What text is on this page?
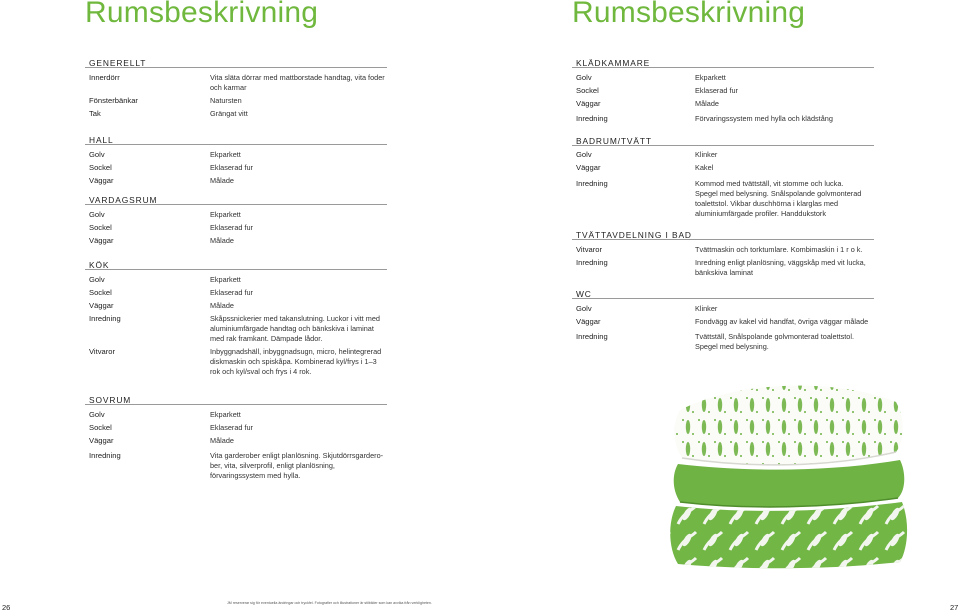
Rumsbeskrivning
GENERELLT
Innerdörr	Vita släta dörrar med mattborstade handtag, vita foder och karmar
Fönsterbänkar	Natursten
Tak	Grängat vitt
HALL
Golv	Ekparkett
Sockel	Eklaserad fur
Väggar	Målade
VARDAGSRUM
Golv	Ekparkett
Sockel	Eklaserad fur
Väggar	Målade
KÖK
Golv	Ekparkett
Sockel	Eklaserad fur
Väggar	Målade
Inredning	Skåpssnickerier med takanslutning. Luckor i vitt med aluminiumfärgade handtag och bänkskiva i laminat med rak framkant. Dämpade lådor.
Vitvaror	Inbyggnadshäll, inbyggnadsugn, micro, helintegrerad diskmaskin och spiskåpa. Kombinerad kyl/frys i 1–3 rok och kyl/sval och frys i 4 rok.
SOVRUM
Golv	Ekparkett
Sockel	Eklaserad fur
Väggar	Målade
Inredning	Vita garderober enligt planlösning. Skjutdörrsgardero-ber, vita, silverprofil, enligt planlösning, förvaringssystem med hylla.
26
Rumsbeskrivning
KLÄDKAMMARE
Golv	Ekparkett
Sockel	Eklaserad fur
Väggar	Målade
Inredning	Förvaringssystem med hylla och klädstång
BADRUM/TVÄTT
Golv	Klinker
Väggar	Kakel
Inredning	Kommod med tvättställ, vit stomme och lucka. Spegel med belysning. Snålspolande golvmonterad toalettstol. Vikbar duschhörna i klarglas med aluminiumfärgade profiler. Handdukstork
TVÄTTAVDELNING I BAD
Vitvaror	Tvättmaskin och torktumlare. Kombimaskin i 1 r o k.
Inredning	Inredning enligt planlösning, väggskåp med vit lucka, bänkskiva laminat
WC
Golv	Klinker
Väggar	Fondvägg av kakel vid handfat, övriga väggar målade
Inredning	Tvättställ, Snålspolande golvmonterad toalettstol. Spegel med belysning.
JM reserverar sig för eventuella ändringar och tryckfel. Fotografier och illustrationer är stilbilder som kan avvika från verkligheten.	27
